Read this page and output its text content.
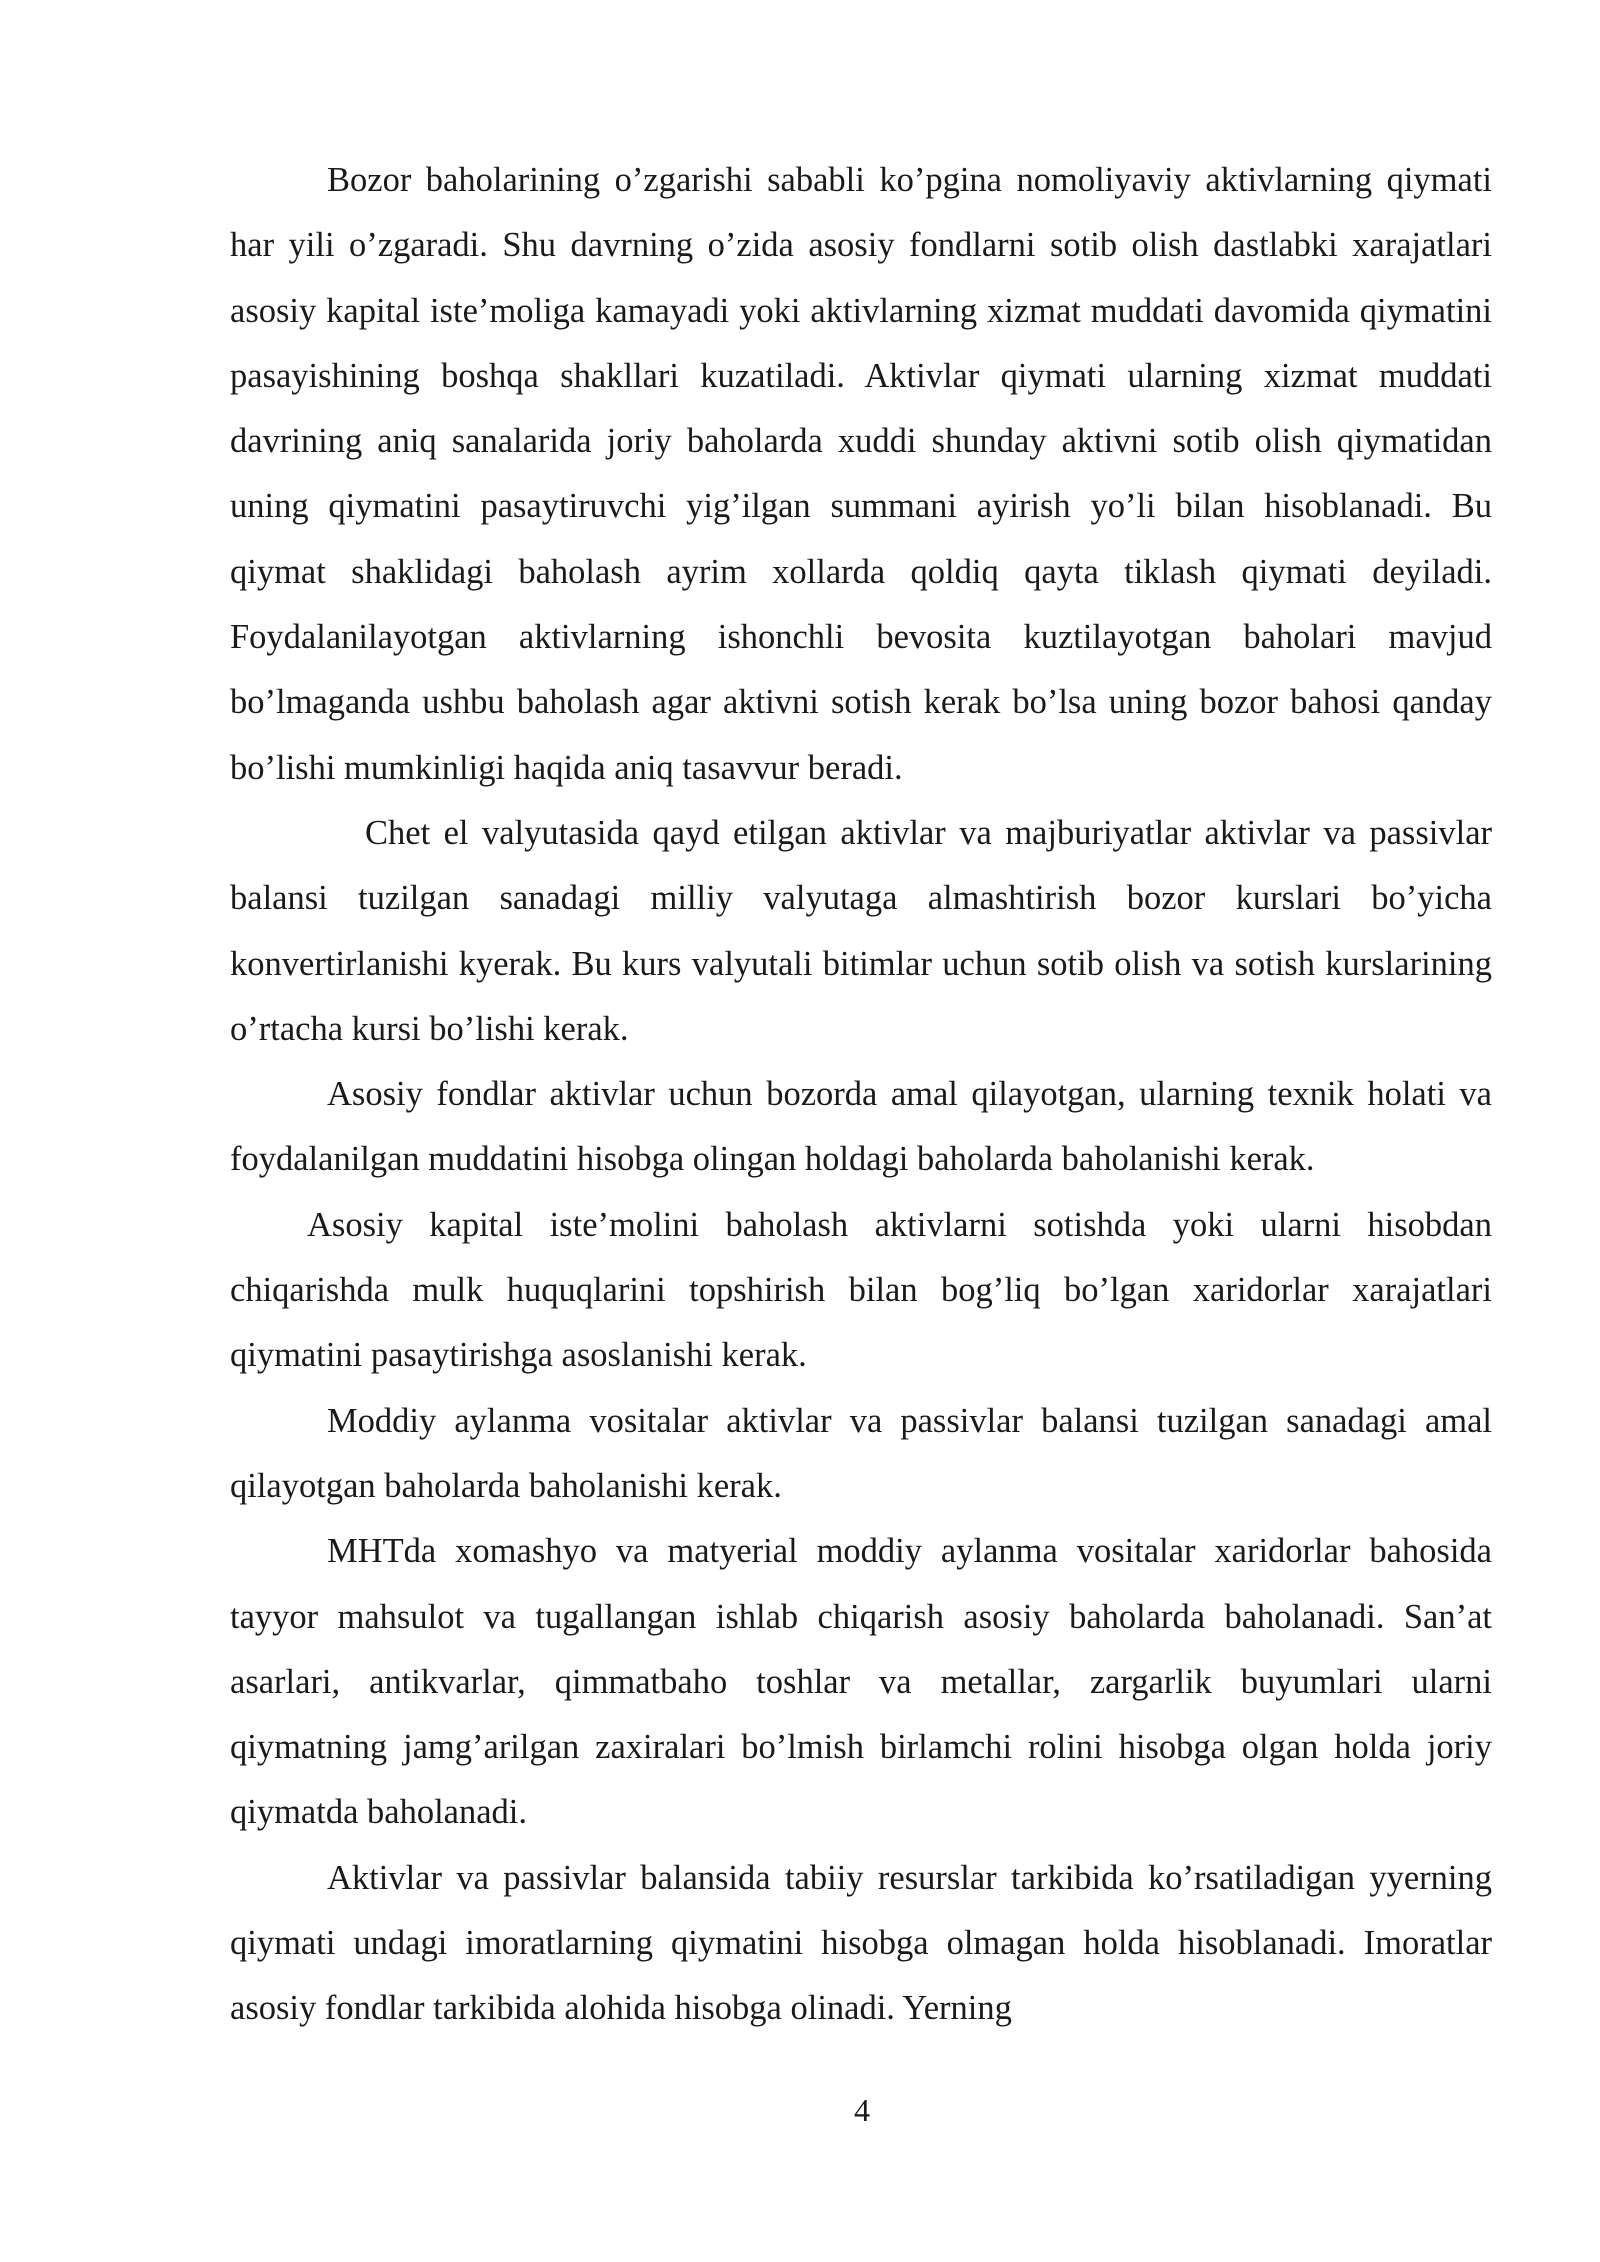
Bozor baholarining o’zgarishi sababli ko’pgina nomoliyaviy aktivlarning qiymati har yili o’zgaradi. Shu davrning o’zida asosiy fondlarni sotib olish dastlabki xarajatlari asosiy kapital iste’moliga kamayadi yoki aktivlarning xizmat muddati davomida qiymatini pasayishining boshqa shakllari kuzatiladi. Aktivlar qiymati ularning xizmat muddati davrining aniq sanalarida joriy baholarda xuddi shunday aktivni sotib olish qiymatidan uning qiymatini pasaytiruvchi yig’ilgan summani ayirish yo’li bilan hisoblanadi. Bu qiymat shaklidagi baholash ayrim xollarda qoldiq qayta tiklash qiymati deyiladi. Foydalanilayotgan aktivlarning ishonchli bevosita kuztilayotgan baholari mavjud bo’lmaganda ushbu baholash agar aktivni sotish kerak bo’lsa uning bozor bahosi qanday bo’lishi mumkinligi haqida aniq tasavvur beradi.

Chet el valyutasida qayd etilgan aktivlar va majburiyatlar aktivlar va passivlar balansi tuzilgan sanadagi milliy valyutaga almashtirish bozor kurslari bo’yicha konvertirlanishi kyerak. Bu kurs valyutali bitimlar uchun sotib olish va sotish kurslarining o’rtacha kursi bo’lishi kerak.

Asosiy fondlar aktivlar uchun bozorda amal qilayotgan, ularning texnik holati va foydalanilgan muddatini hisobga olingan holdagi baholarda baholanishi kerak.

Asosiy kapital iste’molini baholash aktivlarni sotishda yoki ularni hisobdan chiqarishda mulk huquqlarini topshirish bilan bog’liq bo’lgan xaridorlar xarajatlari qiymatini pasaytirishga asoslanishi kerak.

Moddiy aylanma vositalar aktivlar va passivlar balansi tuzilgan sanadagi amal qilayotgan baholarda baholanishi kerak.

MHTda xomashyo va matyerial moddiy aylanma vositalar xaridorlar bahosida tayyor mahsulot va tugallangan ishlab chiqarish asosiy baholarda baholanadi. San’at asarlari, antikvarlar, qimmatbaho toshlar va metallar, zargarlik buyumlari ularni qiymatning jamg’arilgan zaxiralari bo’lmish birlamchi rolini hisobga olgan holda joriy qiymatda baholanadi.

Aktivlar va passivlar balansida tabiiy resurslar tarkibida ko’rsatiladigan yyerning qiymati undagi imoratlarning qiymatini hisobga olmagan holda hisoblanadi. Imoratlar asosiy fondlar tarkibida alohida hisobga olinadi. Yerning

4
